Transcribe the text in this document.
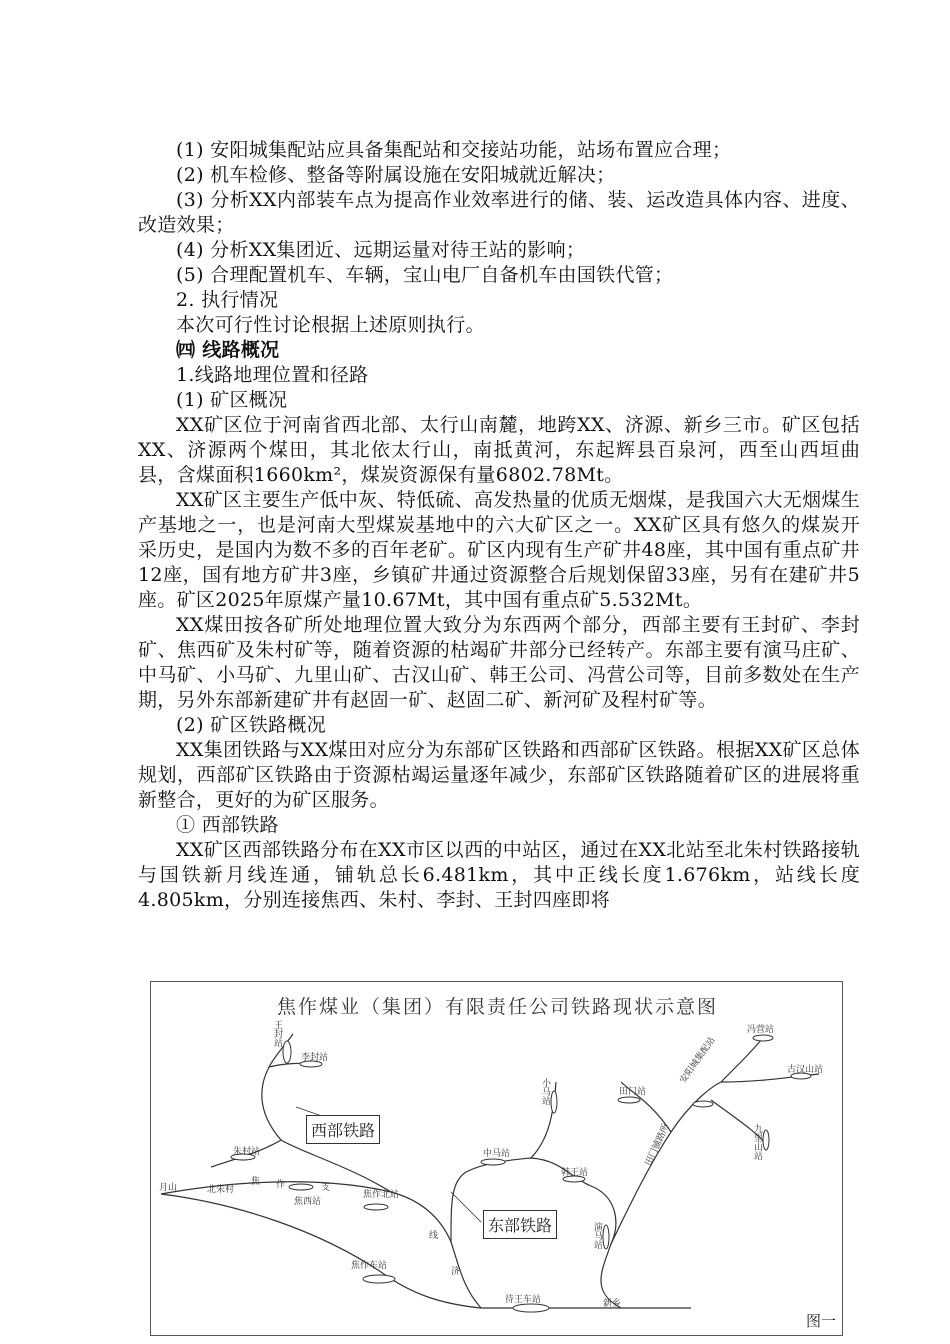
(1) 安阳城集配站应具备集配站和交接站功能，站场布置应合理；

(2) 机车检修、整备等附属设施在安阳城就近解决；

(3) 分析XX内部装车点为提高作业效率进行的储、装、运改造具体内容、进度、改造效果；

(4) 分析XX集团近、远期运量对待王站的影响；

(5) 合理配置机车、车辆，宝山电厂自备机车由国铁代管；

2. 执行情况

本次可行性讨论根据上述原则执行。

㈣ 线路概况

1.线路地理位置和径路

(1) 矿区概况

XX矿区位于河南省西北部、太行山南麓，地跨XX、济源、新乡三市。矿区包括XX、济源两个煤田，其北依太行山，南抵黄河，东起辉县百泉河，西至山西垣曲县，含煤面积1660km²，煤炭资源保有量6802.78Mt。

XX矿区主要生产低中灰、特低硫、高发热量的优质无烟煤，是我国六大无烟煤生产基地之一，也是河南大型煤炭基地中的六大矿区之一。XX矿区具有悠久的煤炭开采历史，是国内为数不多的百年老矿。矿区内现有生产矿井48座，其中国有重点矿井12座，国有地方矿井3座，乡镇矿井通过资源整合后规划保留33座，另有在建矿井5座。矿区2025年原煤产量10.67Mt，其中国有重点矿5.532Mt。

XX煤田按各矿所处地理位置大致分为东西两个部分，西部主要有王封矿、李封矿、焦西矿及朱村矿等，随着资源的枯竭矿井部分已经转产。东部主要有演马庄矿、中马矿、小马矿、九里山矿、古汉山矿、韩王公司、冯营公司等，目前多数处在生产期，另外东部新建矿井有赵固一矿、赵固二矿、新河矿及程村矿等。

(2) 矿区铁路概况

XX集团铁路与XX煤田对应分为东部矿区铁路和西部矿区铁路。根据XX矿区总体规划，西部矿区铁路由于资源枯竭运量逐年减少，东部矿区铁路随着矿区的进展将重新整合，更好的为矿区服务。

① 西部铁路

XX矿区西部铁路分布在XX市区以西的中站区，通过在XX北站至北朱村铁路接轨与国铁新月线连通，铺轨总长6.481km，其中正线长度1.676km，站线长度4.805km，分别连接焦西、朱村、李封、王封四座即将

焦作煤业（集团）有限责任公司铁路现状示意图
西部铁路
东部铁路
王封站
李封站
朱村站
焦西站
焦作北站
焦作车站
月山	北朱村
焦 作	支
线
济
中马站
小马站
韩王站
演马站
待王车站	新乡
田门站
安阳城集配站
田门铺路所
冯营站
古汉山站
九里山站
图一
